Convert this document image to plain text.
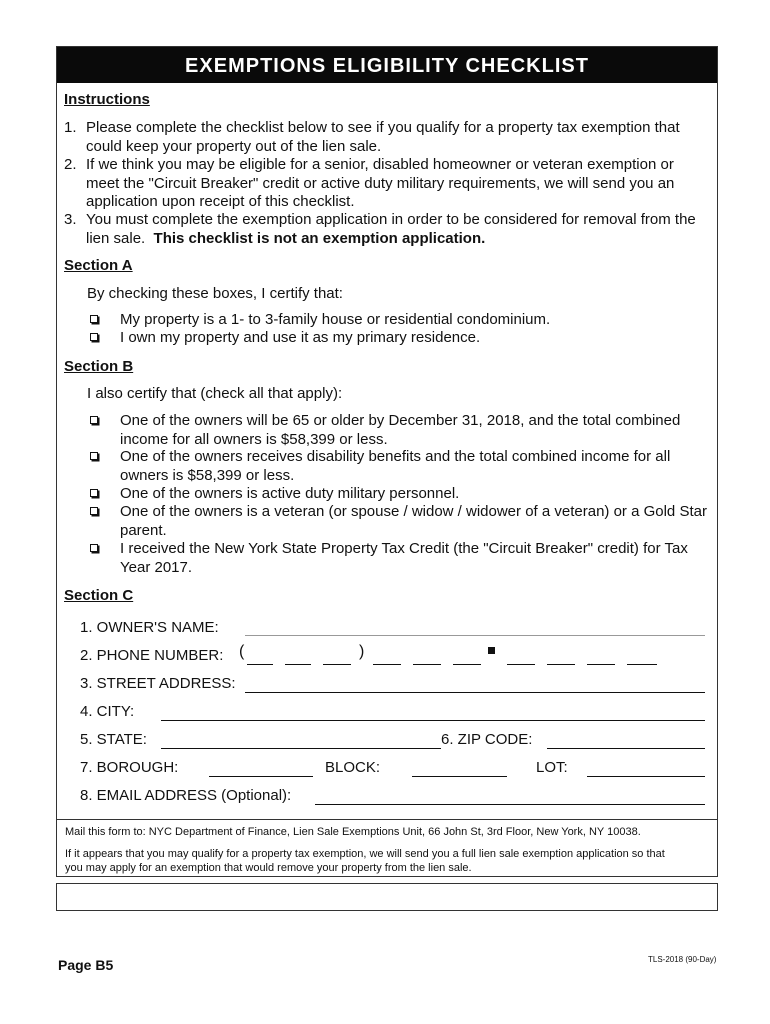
EXEMPTIONS ELIGIBILITY CHECKLIST
Instructions
1. Please complete the checklist below to see if you qualify for a property tax exemption that
could keep your property out of the lien sale.
2. If we think you may be eligible for a senior, disabled homeowner or veteran exemption or
meet the "Circuit Breaker" credit or active duty military requirements, we will send you an
application upon receipt of this checklist.
3. You must complete the exemption application in order to be considered for removal from the
lien sale. This checklist is not an exemption application.
Section A
By checking these boxes, I certify that:
My property is a 1- to 3-family house or residential condominium.
I own my property and use it as my primary residence.
Section B
I also certify that (check all that apply):
One of the owners will be 65 or older by December 31, 2018, and the total combined
income for all owners is $58,399 or less.
One of the owners receives disability benefits and the total combined income for all
owners is $58,399 or less.
One of the owners is active duty military personnel.
One of the owners is a veteran (or spouse / widow / widower of a veteran) or a Gold Star
parent.
I received the New York State Property Tax Credit (the "Circuit Breaker" credit) for Tax
Year 2017.
Section C
1. OWNER'S NAME:
2. PHONE NUMBER: (	)
3. STREET ADDRESS:
4. CITY:
5. STATE:	6. ZIP CODE:
7. BOROUGH:	BLOCK:	LOT:
8. EMAIL ADDRESS (Optional):
Mail this form to: NYC Department of Finance, Lien Sale Exemptions Unit, 66 John St, 3rd Floor, New York, NY 10038.
If it appears that you may qualify for a property tax exemption, we will send you a full lien sale exemption application so that
you may apply for an exemption that would remove your property from the lien sale.
Page B5	TLS-2018 (90-Day)
